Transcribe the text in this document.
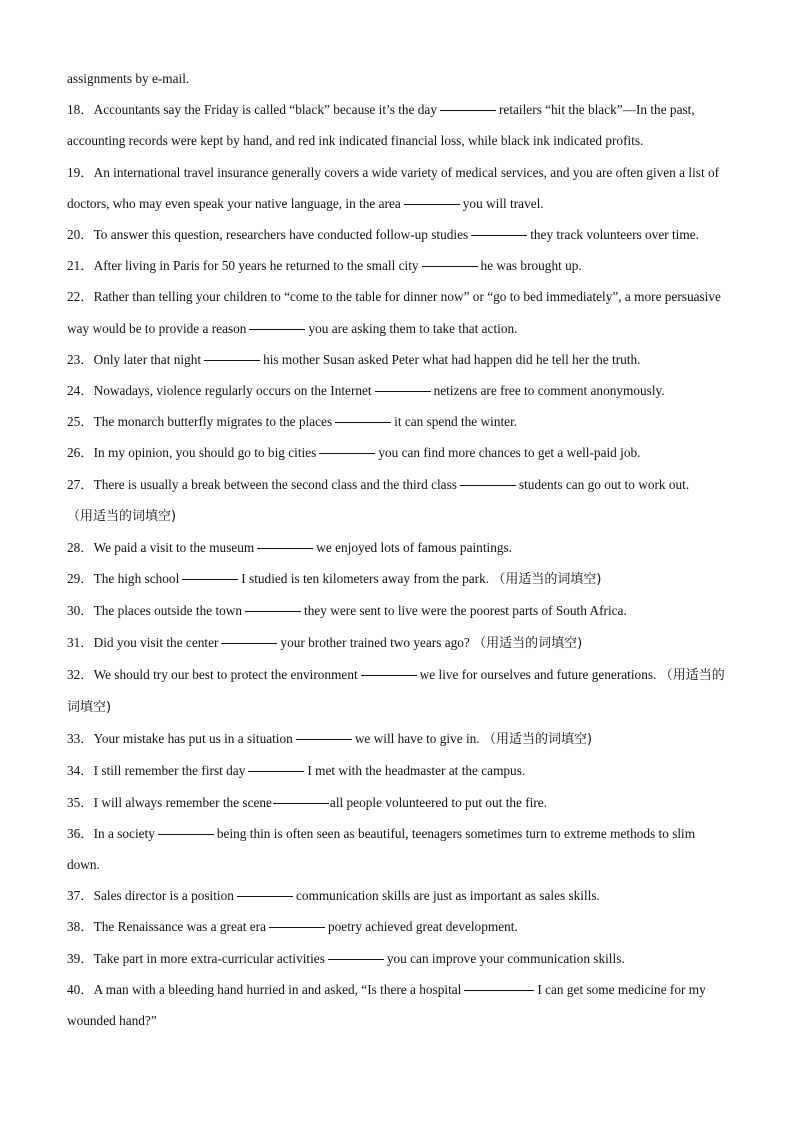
assignments by e-mail.

18．Accountants say the Friday is called “black” because it’s the day	retailers “hit the black”—In the past, accounting records were kept by hand, and red ink indicated financial loss, while black ink indicated profits.

19．An international travel insurance generally covers a wide variety of medical services, and you are often given a list of doctors, who may even speak your native language, in the area	you will travel.

20．To answer this question, researchers have conducted follow-up studies	they track volunteers over time.

21．After living in Paris for 50 years he returned to the small city	he was brought up.

22．Rather than telling your children to “come to the table for dinner now” or “go to bed immediately”, a more persuasive way would be to provide a reason	you are asking them to take that action.

23．Only later that night	his mother Susan asked Peter what had happen did he tell her the truth.

24．Nowadays, violence regularly occurs on the Internet	netizens are free to comment anonymously.

25．The monarch butterfly migrates to the places	it can spend the winter.

26．In my opinion, you should go to big cities	you can find more chances to get a well-paid job.

27．There is usually a break between the second class and the third class	students can go out to work out.
（用适当的词填空)

28．We paid a visit to the museum	we enjoyed lots of famous paintings.

29．The high school	I studied is ten kilometers away from the park. （用适当的词填空)

30．The places outside the town	they were sent to live were the poorest parts of South Africa.

31．Did you visit the center	your brother trained two years ago? （用适当的词填空)

32．We should try our best to protect the environment	we live for ourselves and future generations. （用适当的词填空)

33．Your mistake has put us in a situation	we will have to give in. （用适当的词填空)

34．I still remember the first day	I met with the headmaster at the campus.

35．I will always remember the scene	all people volunteered to put out the fire.

36．In a society	being thin is often seen as beautiful, teenagers sometimes turn to extreme methods to slim down.

37．Sales director is a position	communication skills are just as important as sales skills.

38．The Renaissance was a great era	poetry achieved great development.

39．Take part in more extra-curricular activities	you can improve your communication skills.

40．A man with a bleeding hand hurried in and asked, “Is there a hospital	I can get some medicine for my wounded hand?”
